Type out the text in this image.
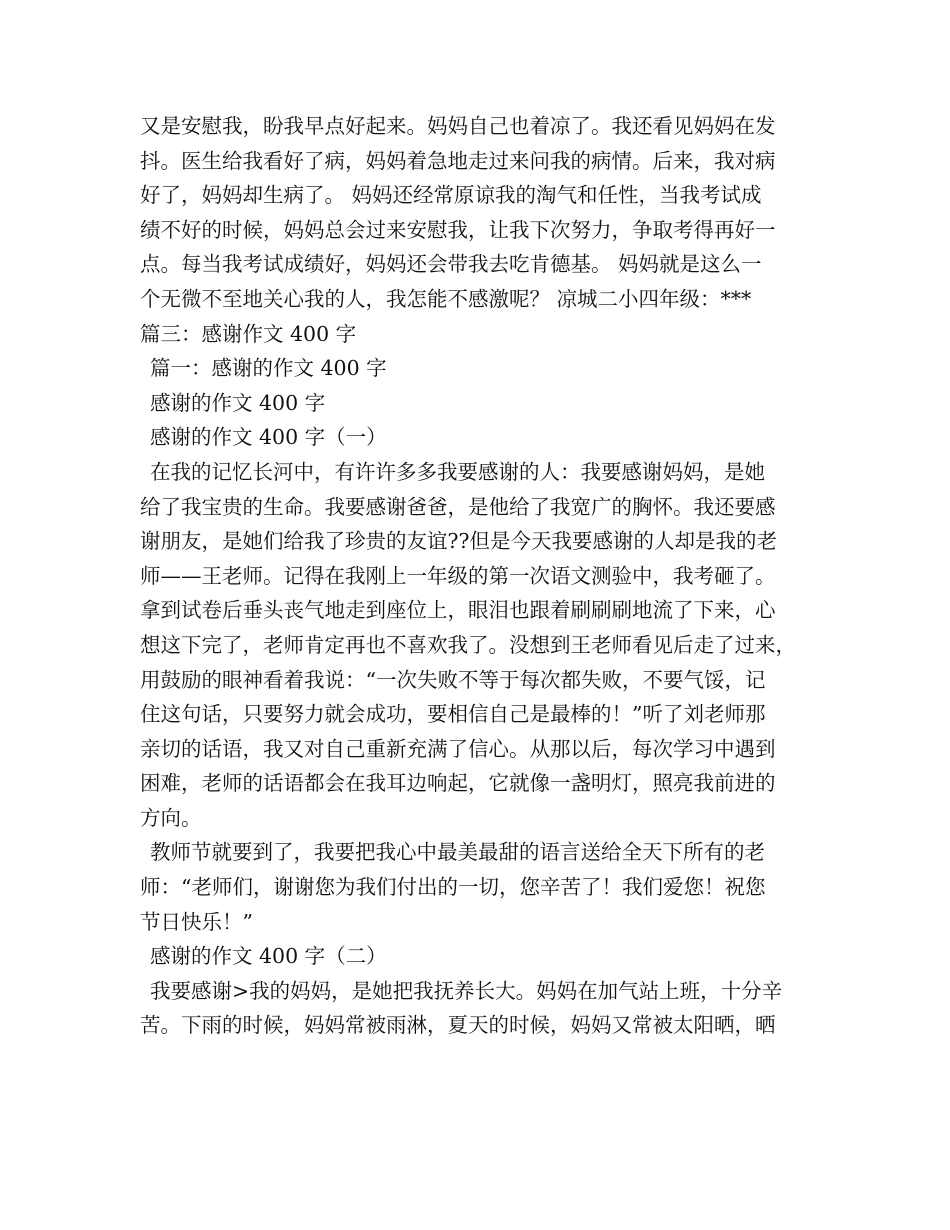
又是安慰我，盼我早点好起来。妈妈自己也着凉了。我还看见妈妈在发
抖。医生给我看好了病，妈妈着急地走过来问我的病情。后来，我对病
好了，妈妈却生病了。 妈妈还经常原谅我的淘气和任性，当我考试成
绩不好的时候，妈妈总会过来安慰我，让我下次努力，争取考得再好一
点。每当我考试成绩好，妈妈还会带我去吃肯德基。 妈妈就是这么一
个无微不至地关心我的人，我怎能不感激呢？ 凉城二小四年级：***
篇三：感谢作文 400 字
篇一：感谢的作文 400 字
感谢的作文 400 字
感谢的作文 400 字（一）
在我的记忆长河中，有许许多多我要感谢的人：我要感谢妈妈，是她
给了我宝贵的生命。我要感谢爸爸，是他给了我宽广的胸怀。我还要感
谢朋友，是她们给我了珍贵的友谊??但是今天我要感谢的人却是我的老
师——王老师。记得在我刚上一年级的第一次语文测验中，我考砸了。
拿到试卷后垂头丧气地走到座位上，眼泪也跟着刷刷刷地流了下来，心
想这下完了，老师肯定再也不喜欢我了。没想到王老师看见后走了过来，
用鼓励的眼神看着我说：“一次失败不等于每次都失败，不要气馁，记
住这句话，只要努力就会成功，要相信自己是最棒的！”听了刘老师那
亲切的话语，我又对自己重新充满了信心。从那以后，每次学习中遇到
困难，老师的话语都会在我耳边响起，它就像一盏明灯，照亮我前进的
方向。
教师节就要到了，我要把我心中最美最甜的语言送给全天下所有的老
师：“老师们，谢谢您为我们付出的一切，您辛苦了！我们爱您！祝您
节日快乐！”
感谢的作文 400 字（二）
我要感谢>我的妈妈，是她把我抚养长大。妈妈在加气站上班，十分辛
苦。下雨的时候，妈妈常被雨淋，夏天的时候，妈妈又常被太阳晒，晒
